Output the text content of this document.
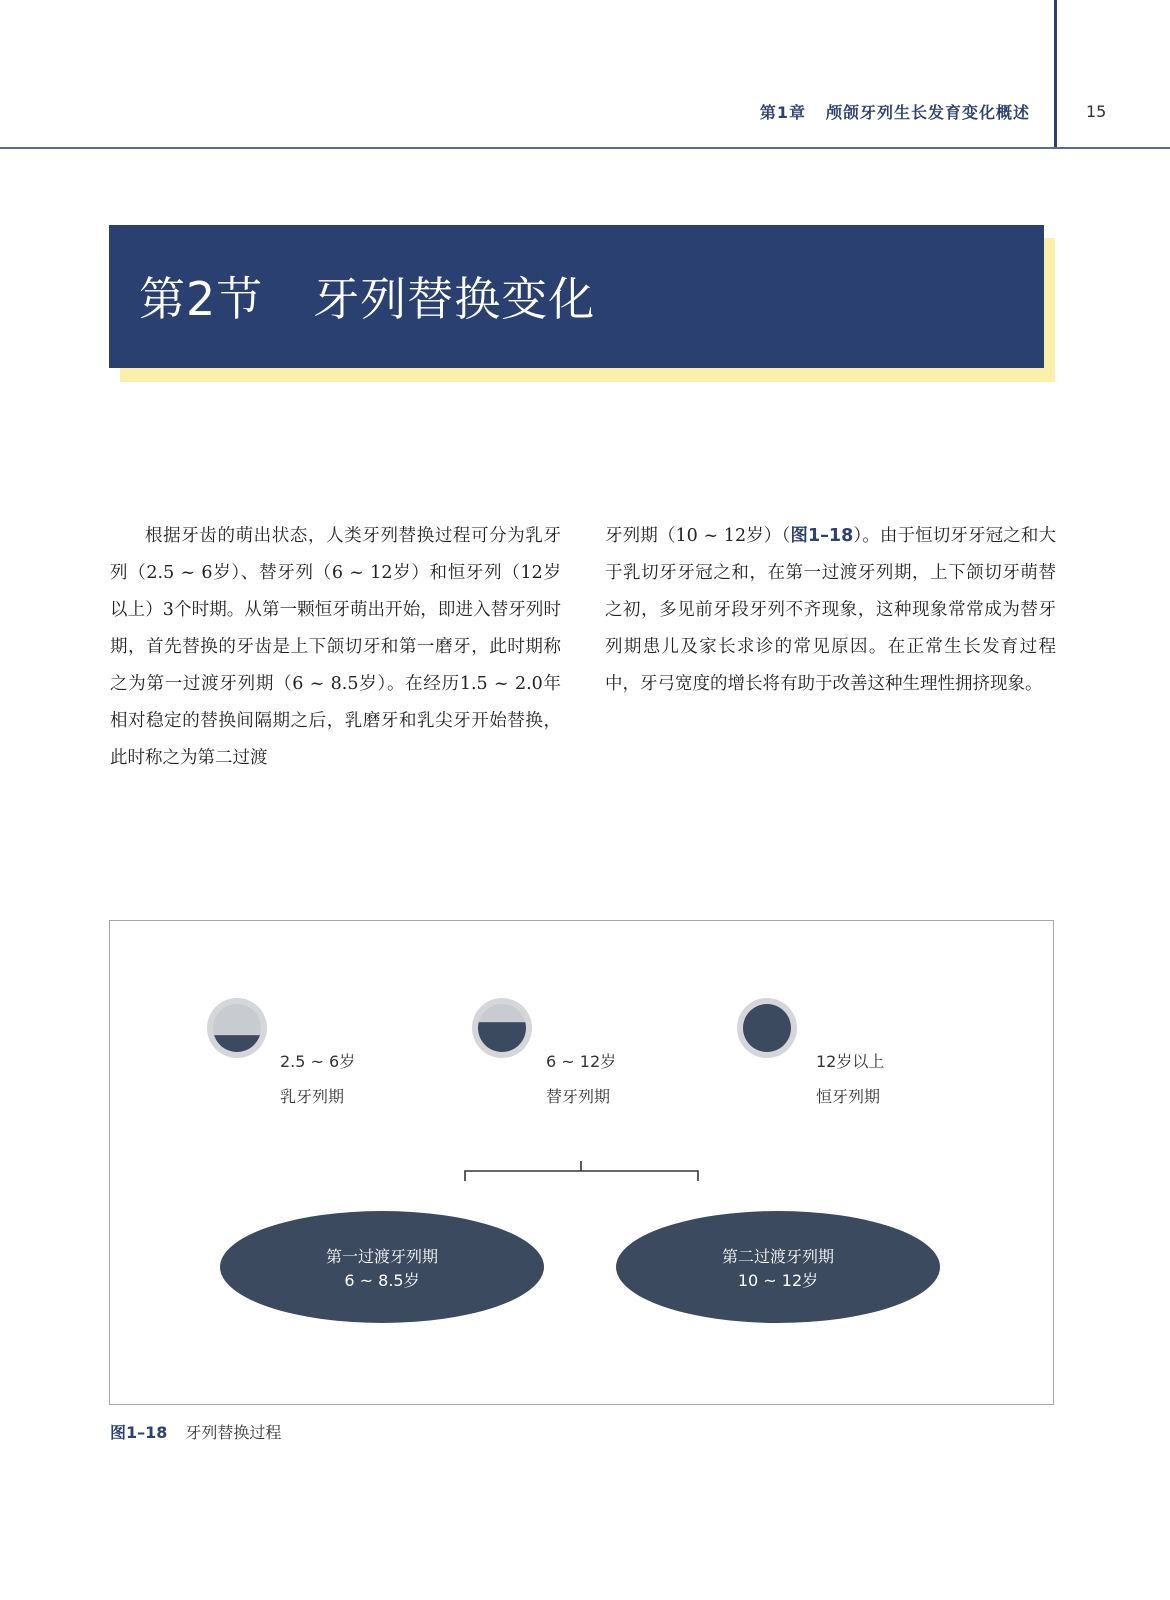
第1章 颅颌牙列生长发育变化概述	15
第2节 牙列替换变化

根据牙齿的萌出状态，人类牙列替换过程可分为乳牙列（2.5 ~ 6岁）、替牙列（6 ~ 12岁）和恒牙列（12岁以上）3个时期。从第一颗恒牙萌出开始，即进入替牙列时期，首先替换的牙齿是上下颌切牙和第一磨牙，此时期称之为第一过渡牙列期（6 ~ 8.5岁）。在经历1.5 ~ 2.0年相对稳定的替换间隔期之后，乳磨牙和乳尖牙开始替换，此时称之为第二过渡

牙列期（10 ~ 12岁）（图1–18）。由于恒切牙牙冠之和大于乳切牙牙冠之和，在第一过渡牙列期，上下颌切牙萌替之初，多见前牙段牙列不齐现象，这种现象常常成为替牙列期患儿及家长求诊的常见原因。在正常生长发育过程中，牙弓宽度的增长将有助于改善这种生理性拥挤现象。

2.5 ~ 6岁
乳牙列期
6 ~ 12岁
替牙列期
12岁以上
恒牙列期
第一过渡牙列期
6 ~ 8.5岁
第二过渡牙列期
10 ~ 12岁
图1–18 牙列替换过程
